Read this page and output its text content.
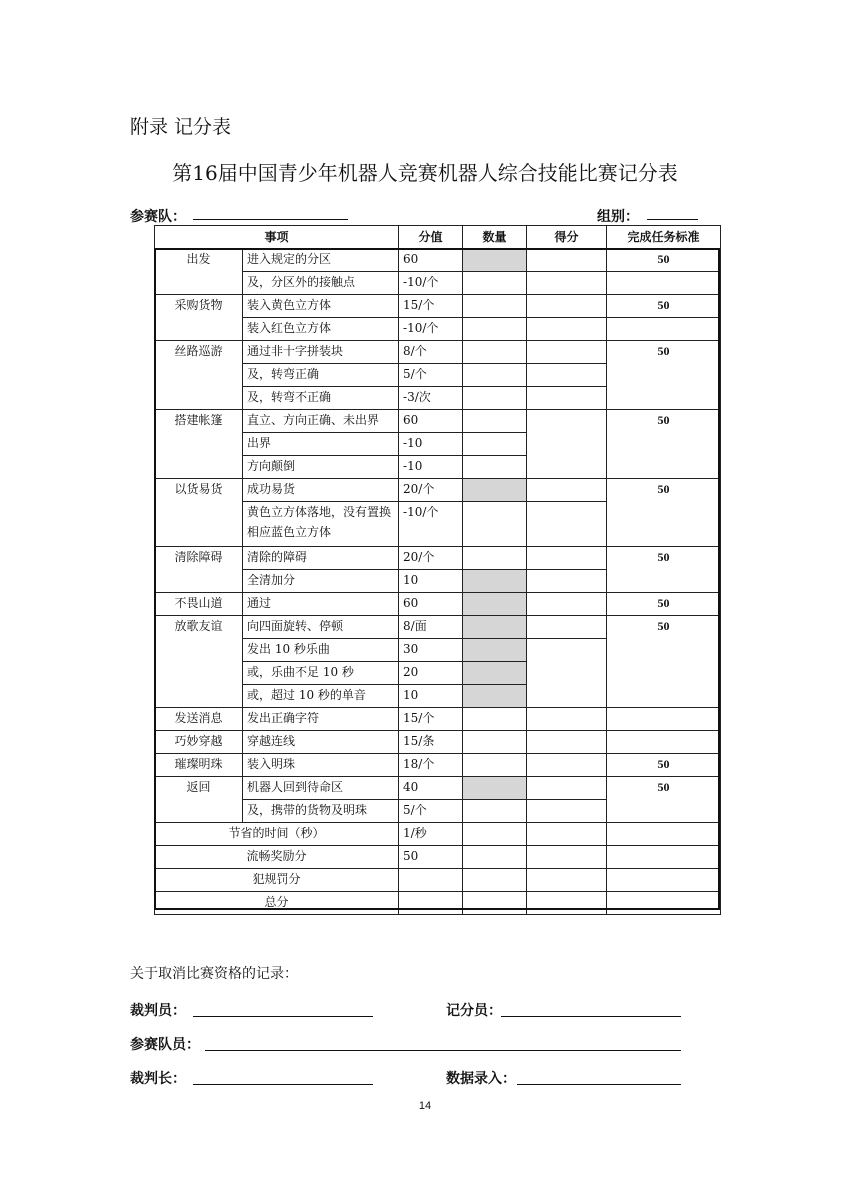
附录 记分表
第16届中国青少年机器人竞赛机器人综合技能比赛记分表
参赛队：	组别：
事项		分值	数量	得分	完成任务标准
出发	进入规定的分区	60			50
	及，分区外的接触点	-10/个			
采购货物	装入黄色立方体	15/个			50
	装入红色立方体	-10/个			
丝路巡游	通过非十字拼装块	8/个			50
	及，转弯正确	5/个			
	及，转弯不正确	-3/次			
搭建帐篷	直立、方向正确、未出界	60			50
	出界	-10			
	方向颠倒	-10			
以货易货	成功易货	20/个			50
	黄色立方体落地，没有置换相应蓝色立方体	-10/个			
清除障碍	清除的障碍	20/个			50
	全清加分	10			
不畏山道	通过	60			50
放歌友谊	向四面旋转、停顿	8/面			50
	发出 10 秒乐曲	30			
	或，乐曲不足 10 秒	20			
	或，超过 10 秒的单音	10			
发送消息	发出正确字符	15/个			
巧妙穿越	穿越连线	15/条			
璀璨明珠	装入明珠	18/个			50
返回	机器人回到待命区	40			50
	及，携带的货物及明珠	5/个			
节省的时间（秒）		1/秒			
流畅奖励分		50			
犯规罚分					
总分					
关于取消比赛资格的记录：
裁判员：	记分员：
参赛队员：
裁判长：	数据录入：
14
